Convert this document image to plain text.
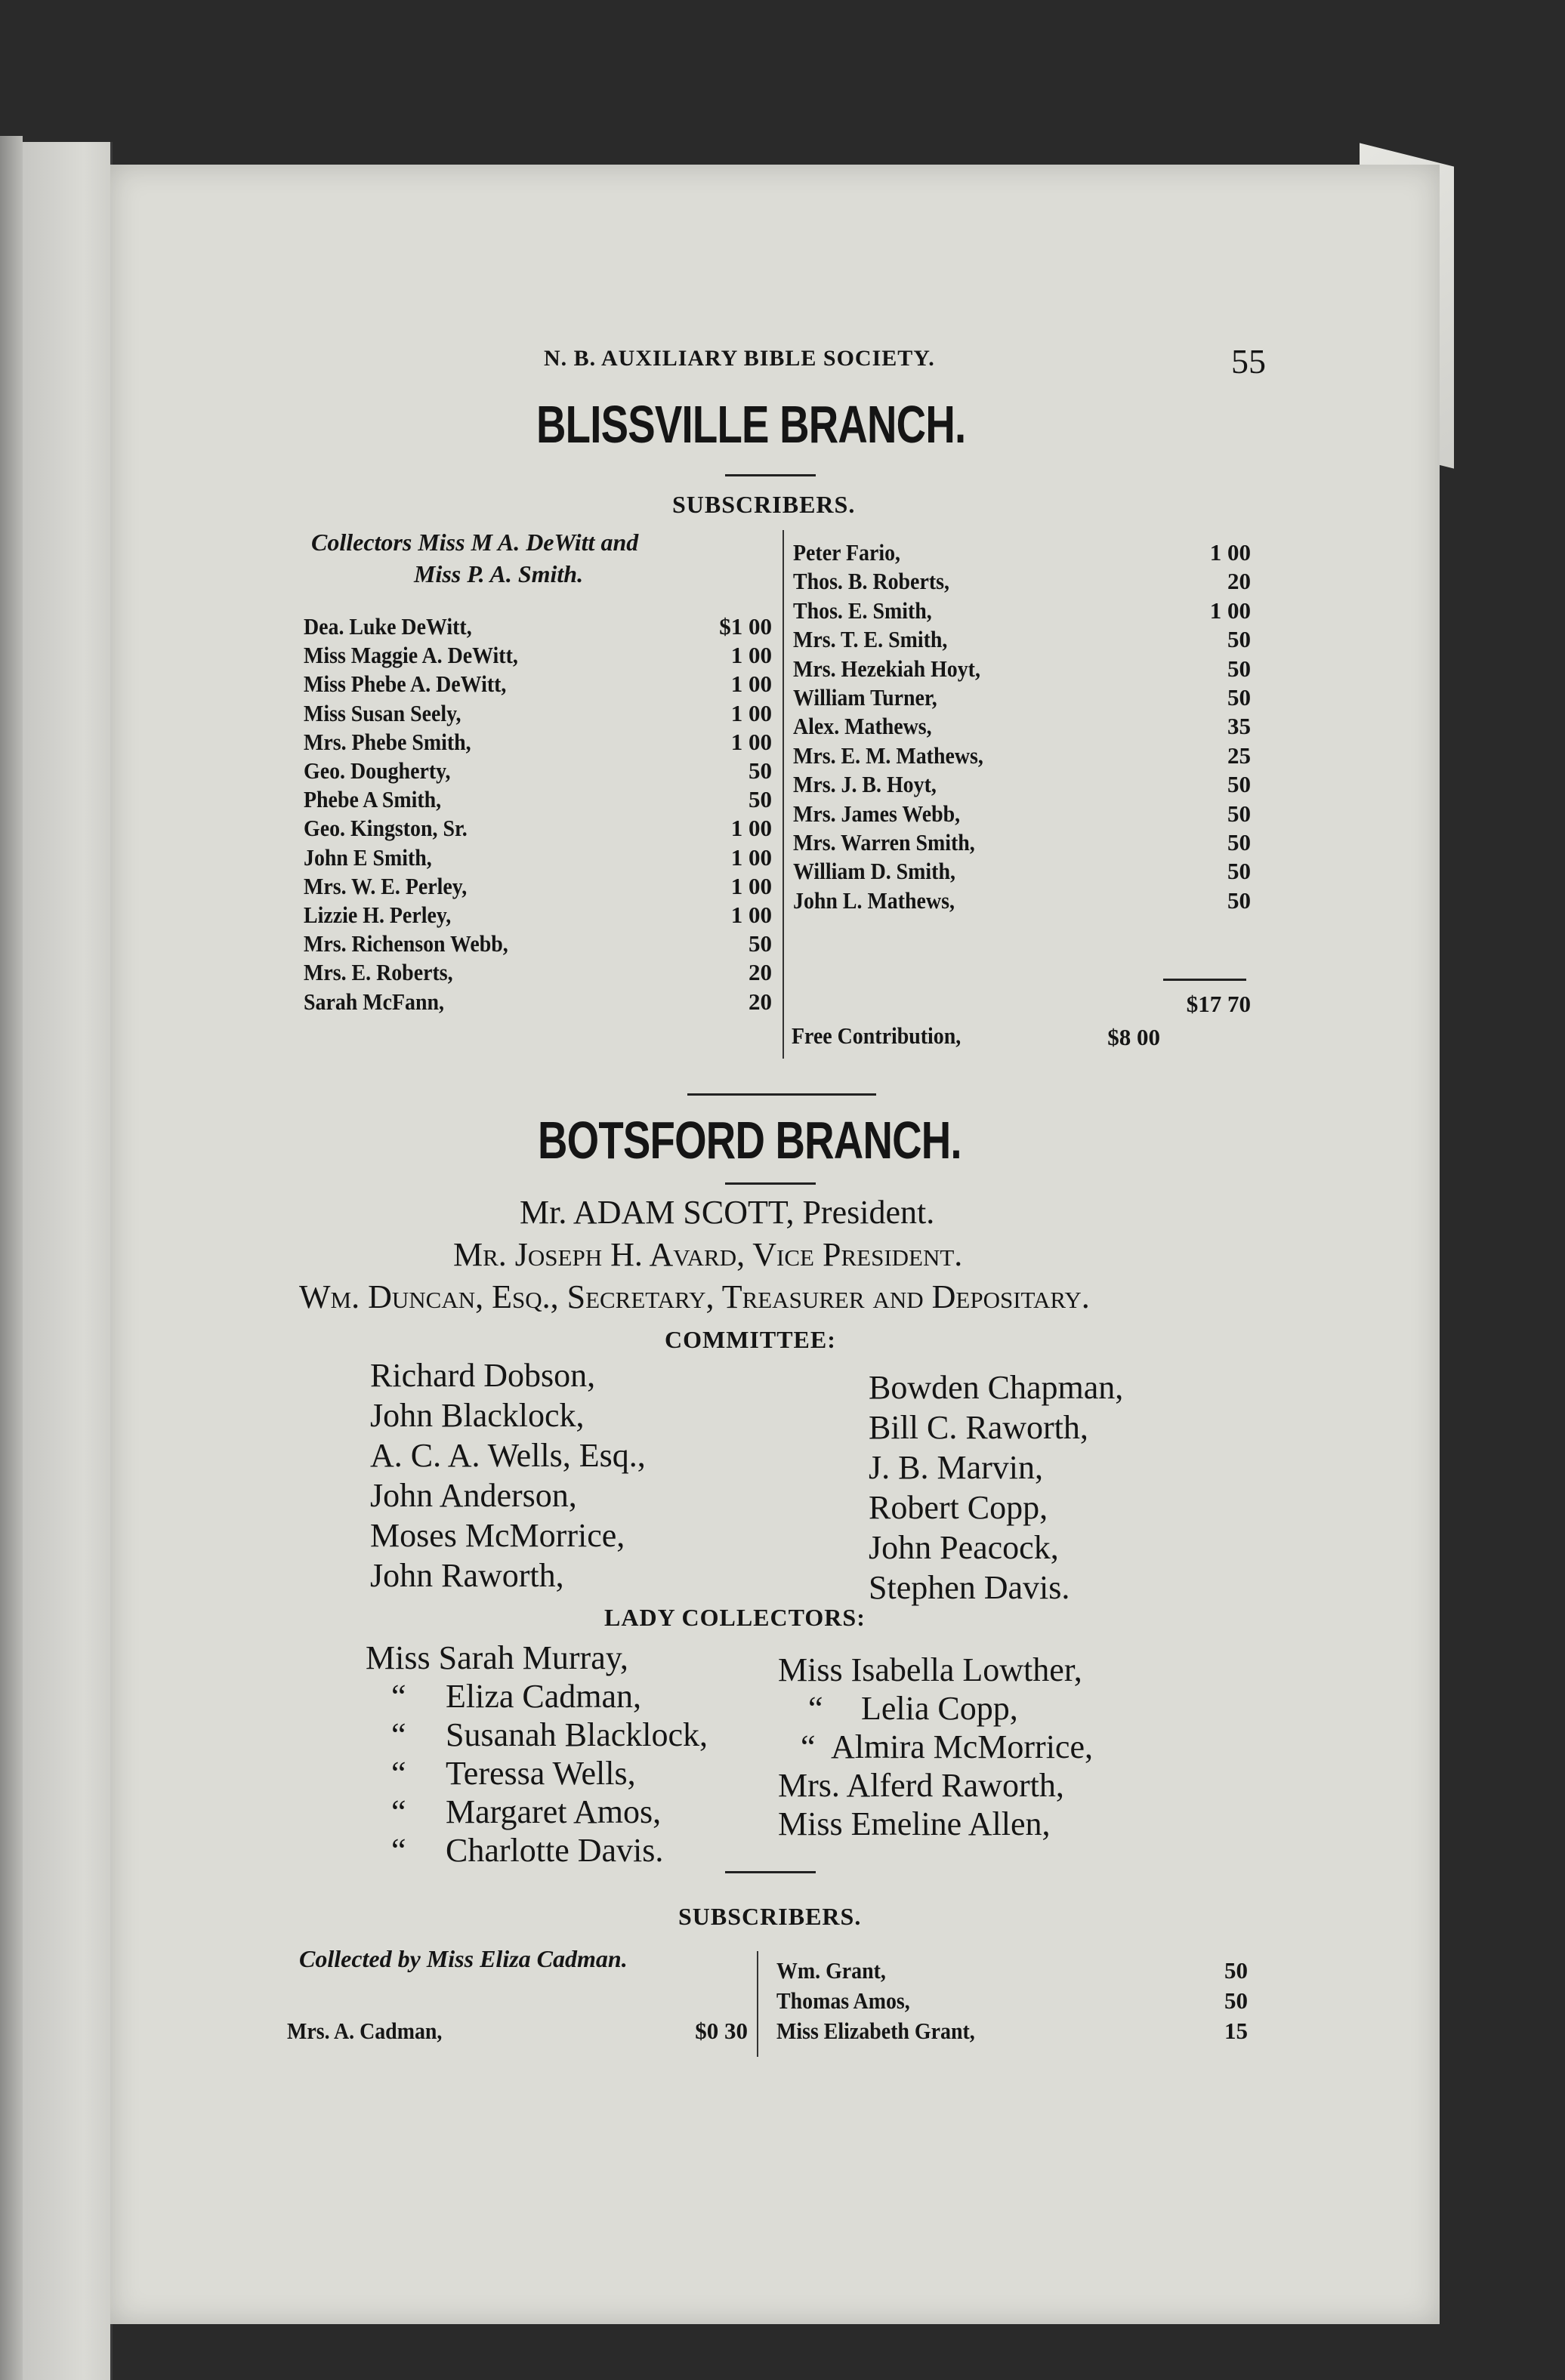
N. B. AUXILIARY BIBLE SOCIETY.	55
BLISSVILLE BRANCH.
SUBSCRIBERS.
Collectors Miss M A. DeWitt and
Miss P. A. Smith.
Dea. Luke DeWitt,	$1 00
Miss Maggie A. DeWitt,	1 00
Miss Phebe A. DeWitt,	1 00
Miss Susan Seely,	1 00
Mrs. Phebe Smith,	1 00
Geo. Dougherty,	50
Phebe A Smith,	50
Geo. Kingston, Sr.	1 00
John E Smith,	1 00
Mrs. W. E. Perley,	1 00
Lizzie H. Perley,	1 00
Mrs. Richenson Webb,	50
Mrs. E. Roberts,	20
Sarah McFann,	20
Peter Fario,	1 00
Thos. B. Roberts,	20
Thos. E. Smith,	1 00
Mrs. T. E. Smith,	50
Mrs. Hezekiah Hoyt,	50
William Turner,	50
Alex. Mathews,	35
Mrs. E. M. Mathews,	25
Mrs. J. B. Hoyt,	50
Mrs. James Webb,	50
Mrs. Warren Smith,	50
William D. Smith,	50
John L. Mathews,	50
$17 70
Free Contribution,	$8 00
BOTSFORD BRANCH.
Mr. ADAM SCOTT, President.
Mr. Joseph H. Avard, Vice President.
Wm. Duncan, Esq., Secretary, Treasurer and Depositary.
COMMITTEE:
Richard Dobson,
John Blacklock,
A. C. A. Wells, Esq.,
John Anderson,
Moses McMorrice,
John Raworth,
Bowden Chapman,
Bill C. Raworth,
J. B. Marvin,
Robert Copp,
John Peacock,
Stephen Davis.
LADY COLLECTORS:
Miss Sarah Murray,
“ Eliza Cadman,
“ Susanah Blacklock,
“ Teressa Wells,
“ Margaret Amos,
“ Charlotte Davis.
Miss Isabella Lowther,
“ Lelia Copp,
“ Almira McMorrice,
Mrs. Alferd Raworth,
Miss Emeline Allen,
SUBSCRIBERS.
Collected by Miss Eliza Cadman.
Mrs. A. Cadman,	$0 30
Wm. Grant,	50
Thomas Amos,	50
Miss Elizabeth Grant,	15
